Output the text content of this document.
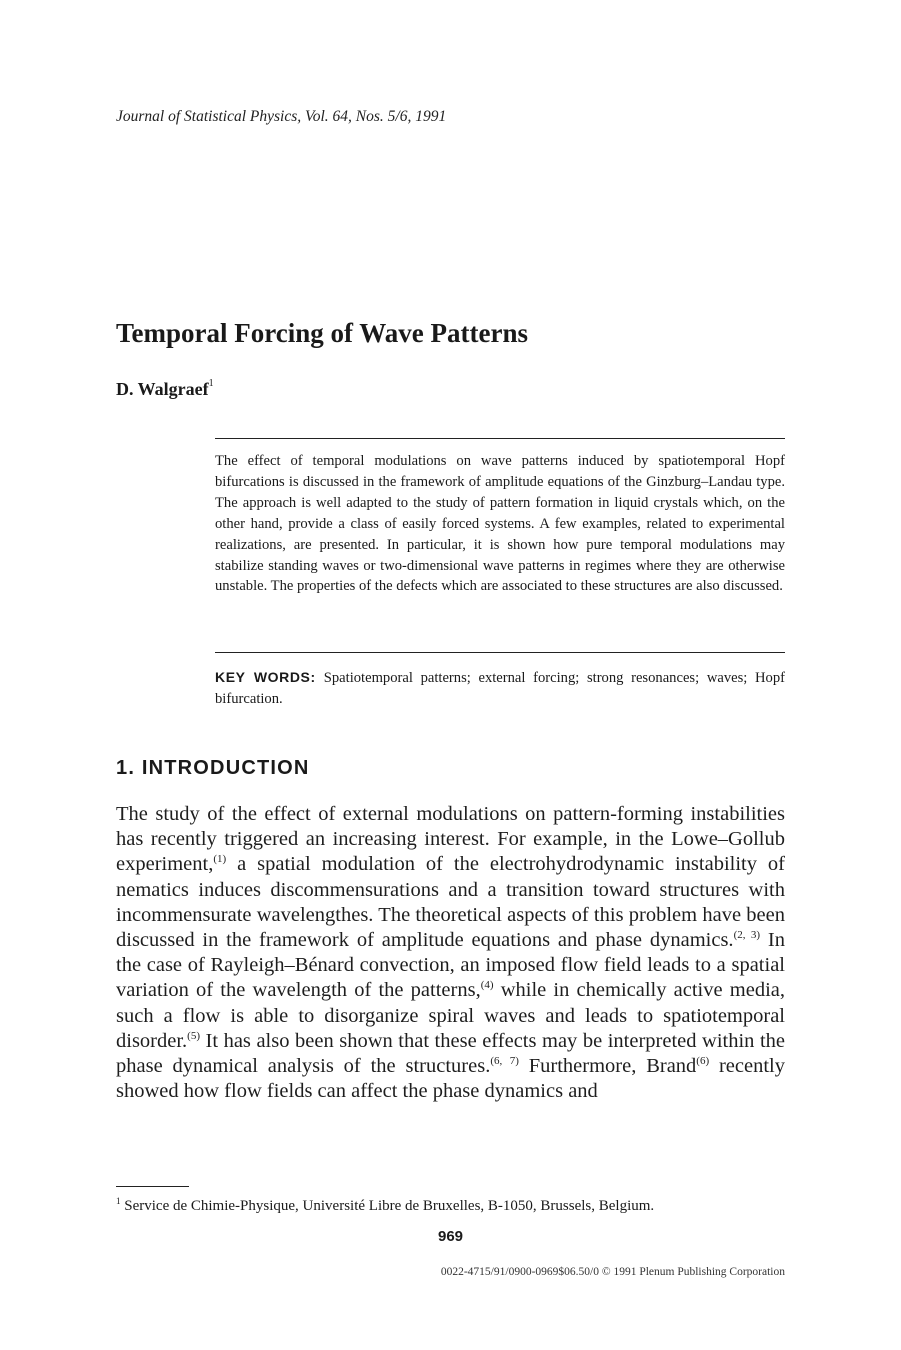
Journal of Statistical Physics, Vol. 64, Nos. 5/6, 1991
Temporal Forcing of Wave Patterns
D. Walgraef$^1$

The effect of temporal modulations on wave patterns induced by spatiotemporal Hopf bifurcations is discussed in the framework of amplitude equations of the Ginzburg–Landau type. The approach is well adapted to the study of pattern formation in liquid crystals which, on the other hand, provide a class of easily forced systems. A few examples, related to experimental realizations, are presented. In particular, it is shown how pure temporal modulations may stabilize standing waves or two-dimensional wave patterns in regimes where they are otherwise unstable. The properties of the defects which are associated to these structures are also discussed.

KEY WORDS: Spatiotemporal patterns; external forcing; strong resonances; waves; Hopf bifurcation.

1. INTRODUCTION

The study of the effect of external modulations on pattern-forming instabilities has recently triggered an increasing interest. For example, in the Lowe–Gollub experiment,$^{(1)}$ a spatial modulation of the electrohydrodynamic instability of nematics induces discommensurations and a transition toward structures with incommensurate wavelengthes. The theoretical aspects of this problem have been discussed in the framework of amplitude equations and phase dynamics.$^{(2, 3)}$ In the case of Rayleigh–Bénard convection, an imposed flow field leads to a spatial variation of the wavelength of the patterns,$^{(4)}$ while in chemically active media, such a flow is able to disorganize spiral waves and leads to spatiotemporal disorder.$^{(5)}$ It has also been shown that these effects may be interpreted within the phase dynamical analysis of the structures.$^{(6, 7)}$ Furthermore, Brand$^{(6)}$ recently showed how flow fields can affect the phase dynamics and

$^1$ Service de Chimie-Physique, Université Libre de Bruxelles, B-1050, Brussels, Belgium.
969
0022-4715/91/0900-0969$06.50/0 © 1991 Plenum Publishing Corporation
